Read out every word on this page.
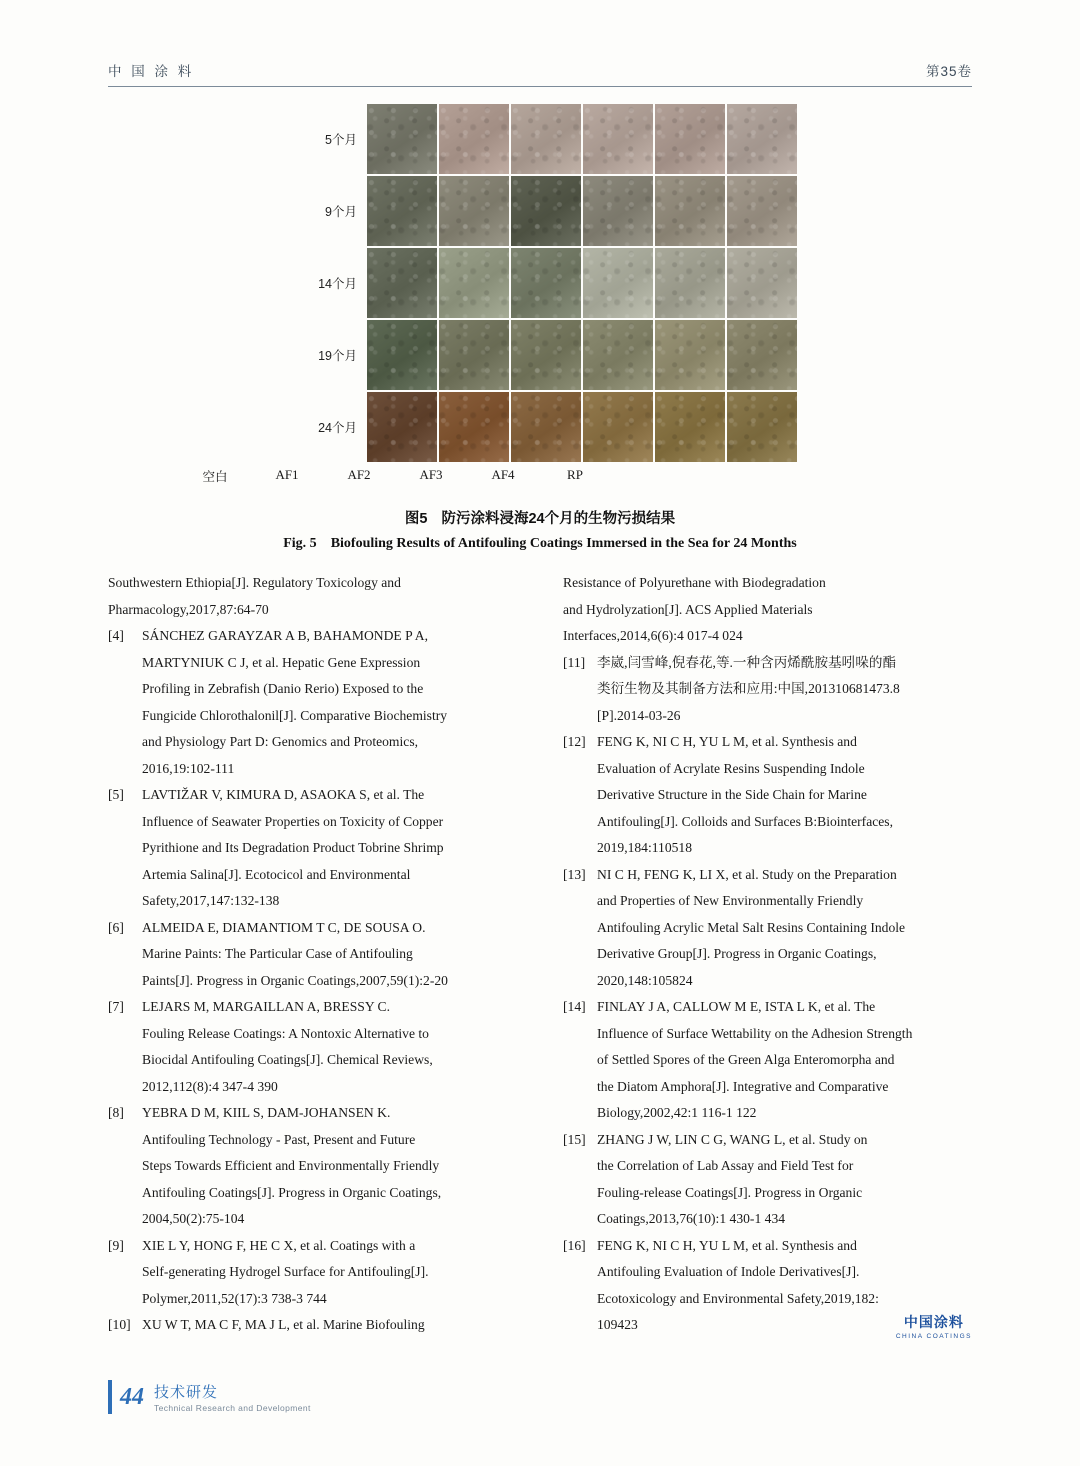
中 国 涂 料	第35卷
5个月
9个月
14个月
19个月
24个月
空白	AF1	AF2	AF3	AF4	RP
图5 防污涂料浸海24个月的生物污损结果
Fig. 5 Biofouling Results of Antifouling Coatings Immersed in the Sea for 24 Months
Southwestern Ethiopia[J]. Regulatory Toxicology and
Pharmacology,2017,87:64-70
[4]	SÁNCHEZ GARAYZAR A B, BAHAMONDE P A,
MARTYNIUK C J, et al. Hepatic Gene Expression
Profiling in Zebrafish (Danio Rerio) Exposed to the
Fungicide Chlorothalonil[J]. Comparative Biochemistry
and Physiology Part D: Genomics and Proteomics,
2016,19:102-111
[5]	LAVTIŽAR V, KIMURA D, ASAOKA S, et al. The
Influence of Seawater Properties on Toxicity of Copper
Pyrithione and Its Degradation Product Tobrine Shrimp
Artemia Salina[J]. Ecotocicol and Environmental
Safety,2017,147:132-138
[6]	ALMEIDA E, DIAMANTIOM T C, DE SOUSA O.
Marine Paints: The Particular Case of Antifouling
Paints[J]. Progress in Organic Coatings,2007,59(1):2-20
[7]	LEJARS M, MARGAILLAN A, BRESSY C.
Fouling Release Coatings: A Nontoxic Alternative to
Biocidal Antifouling Coatings[J]. Chemical Reviews,
2012,112(8):4 347-4 390
[8]	YEBRA D M, KIIL S, DAM-JOHANSEN K.
Antifouling Technology - Past, Present and Future
Steps Towards Efficient and Environmentally Friendly
Antifouling Coatings[J]. Progress in Organic Coatings,
2004,50(2):75-104
[9]	XIE L Y, HONG F, HE C X, et al. Coatings with a
Self-generating Hydrogel Surface for Antifouling[J].
Polymer,2011,52(17):3 738-3 744
[10] XU W T, MA C F, MA J L, et al. Marine Biofouling
Resistance of Polyurethane with Biodegradation
and Hydrolyzation[J]. ACS Applied Materials
Interfaces,2014,6(6):4 017-4 024
[11] 李崴,闫雪峰,倪春花,等.一种含丙烯酰胺基吲哚的酯
类衍生物及其制备方法和应用:中国,201310681473.8
[P].2014-03-26
[12] FENG K, NI C H, YU L M, et al. Synthesis and
Evaluation of Acrylate Resins Suspending Indole
Derivative Structure in the Side Chain for Marine
Antifouling[J]. Colloids and Surfaces B:Biointerfaces,
2019,184:110518
[13] NI C H, FENG K, LI X, et al. Study on the Preparation
and Properties of New Environmentally Friendly
Antifouling Acrylic Metal Salt Resins Containing Indole
Derivative Group[J]. Progress in Organic Coatings,
2020,148:105824
[14] FINLAY J A, CALLOW M E, ISTA L K, et al. The
Influence of Surface Wettability on the Adhesion Strength
of Settled Spores of the Green Alga Enteromorpha and
the Diatom Amphora[J]. Integrative and Comparative
Biology,2002,42:1 116-1 122
[15] ZHANG J W, LIN C G, WANG L, et al. Study on
the Correlation of Lab Assay and Field Test for
Fouling-release Coatings[J]. Progress in Organic
Coatings,2013,76(10):1 430-1 434
[16] FENG K, NI C H, YU L M, et al. Synthesis and
Antifouling Evaluation of Indole Derivatives[J].
Ecotoxicology and Environmental Safety,2019,182:
109423	中国涂料
CHINA COATINGS
44 技术研发
Technical Research and Development
